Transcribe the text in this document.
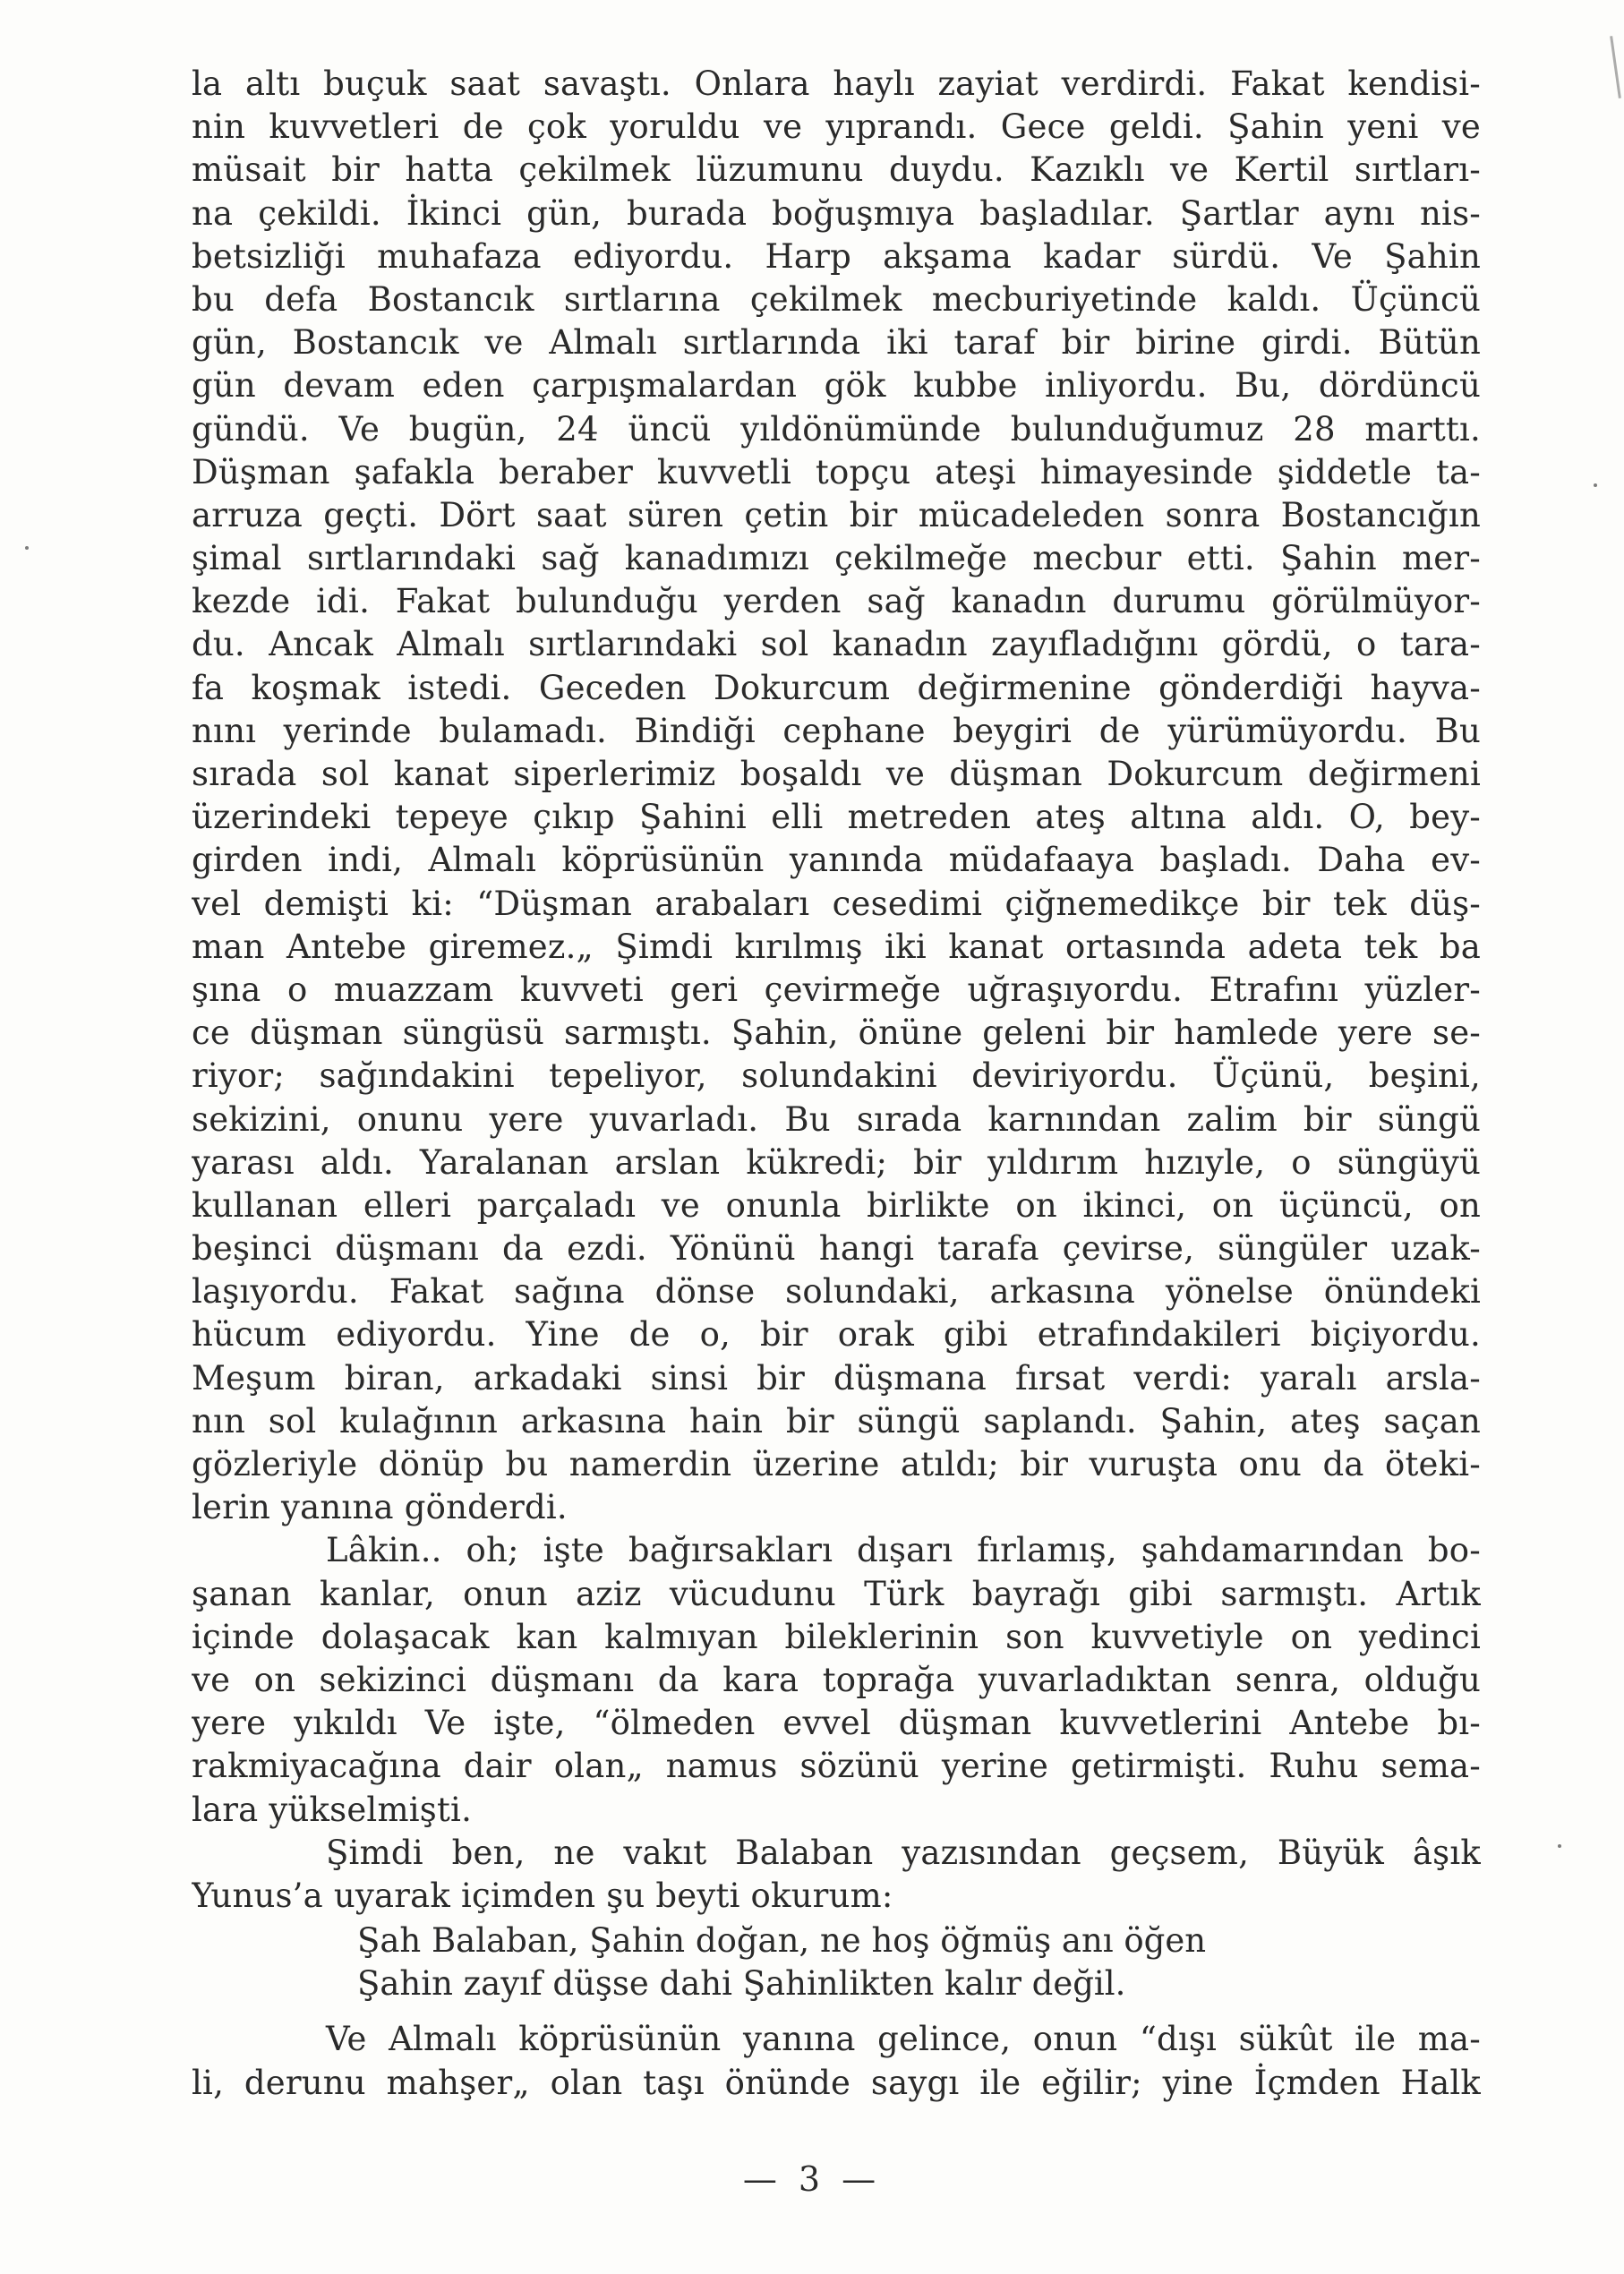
la altı buçuk saat savaştı. Onlara haylı zayiat verdirdi. Fakat kendisi-
nin kuvvetleri de çok yoruldu ve yıprandı. Gece geldi. Şahin yeni ve
müsait bir hatta çekilmek lüzumunu duydu. Kazıklı ve Kertil sırtları-
na çekildi. İkinci gün, burada boğuşmıya başladılar. Şartlar aynı nis-
betsizliği muhafaza ediyordu. Harp akşama kadar sürdü. Ve Şahin
bu defa Bostancık sırtlarına çekilmek mecburiyetinde kaldı. Üçüncü
gün, Bostancık ve Almalı sırtlarında iki taraf bir birine girdi. Bütün
gün devam eden çarpışmalardan gök kubbe inliyordu. Bu, dördüncü
gündü. Ve bugün, 24 üncü yıldönümünde bulunduğumuz 28 marttı.
Düşman şafakla beraber kuvvetli topçu ateşi himayesinde şiddetle ta-
arruza geçti. Dört saat süren çetin bir mücadeleden sonra Bostancığın
şimal sırtlarındaki sağ kanadımızı çekilmeğe mecbur etti. Şahin mer-
kezde idi. Fakat bulunduğu yerden sağ kanadın durumu görülmüyor-
du. Ancak Almalı sırtlarındaki sol kanadın zayıfladığını gördü, o tara-
fa koşmak istedi. Geceden Dokurcum değirmenine gönderdiği hayva-
nını yerinde bulamadı. Bindiği cephane beygiri de yürümüyordu. Bu
sırada sol kanat siperlerimiz boşaldı ve düşman Dokurcum değirmeni
üzerindeki tepeye çıkıp Şahini elli metreden ateş altına aldı. O, bey-
girden indi, Almalı köprüsünün yanında müdafaaya başladı. Daha ev-
vel demişti ki: “Düşman arabaları cesedimi çiğnemedikçe bir tek düş-
man Antebe giremez.„ Şimdi kırılmış iki kanat ortasında adeta tek ba
şına o muazzam kuvveti geri çevirmeğe uğraşıyordu. Etrafını yüzler-
ce düşman süngüsü sarmıştı. Şahin, önüne geleni bir hamlede yere se-
riyor; sağındakini tepeliyor, solundakini deviriyordu. Üçünü, beşini,
sekizini, onunu yere yuvarladı. Bu sırada karnından zalim bir süngü
yarası aldı. Yaralanan arslan kükredi; bir yıldırım hızıyle, o süngüyü
kullanan elleri parçaladı ve onunla birlikte on ikinci, on üçüncü, on
beşinci düşmanı da ezdi. Yönünü hangi tarafa çevirse, süngüler uzak-
laşıyordu. Fakat sağına dönse solundaki, arkasına yönelse önündeki
hücum ediyordu. Yine de o, bir orak gibi etrafındakileri biçiyordu.
Meşum biran, arkadaki sinsi bir düşmana fırsat verdi: yaralı arsla-
nın sol kulağının arkasına hain bir süngü saplandı. Şahin, ateş saçan
gözleriyle dönüp bu namerdin üzerine atıldı; bir vuruşta onu da öteki-
lerin yanına gönderdi.
Lâkin.. oh; işte bağırsakları dışarı fırlamış, şahdamarından bo-
şanan kanlar, onun aziz vücudunu Türk bayrağı gibi sarmıştı. Artık
içinde dolaşacak kan kalmıyan bileklerinin son kuvvetiyle on yedinci
ve on sekizinci düşmanı da kara toprağa yuvarladıktan senra, olduğu
yere yıkıldı Ve işte, “ölmeden evvel düşman kuvvetlerini Antebe bı-
rakmiyacağına dair olan„ namus sözünü yerine getirmişti. Ruhu sema-
lara yükselmişti.
Şimdi ben, ne vakıt Balaban yazısından geçsem, Büyük âşık
Yunus’a uyarak içimden şu beyti okurum:
Şah Balaban, Şahin doğan, ne hoş öğmüş anı öğen
Şahin zayıf düşse dahi Şahinlikten kalır değil.
Ve Almalı köprüsünün yanına gelince, onun “dışı sükût ile ma-
li, derunu mahşer„ olan taşı önünde saygı ile eğilir; yine İçmden Halk
— 3 —
